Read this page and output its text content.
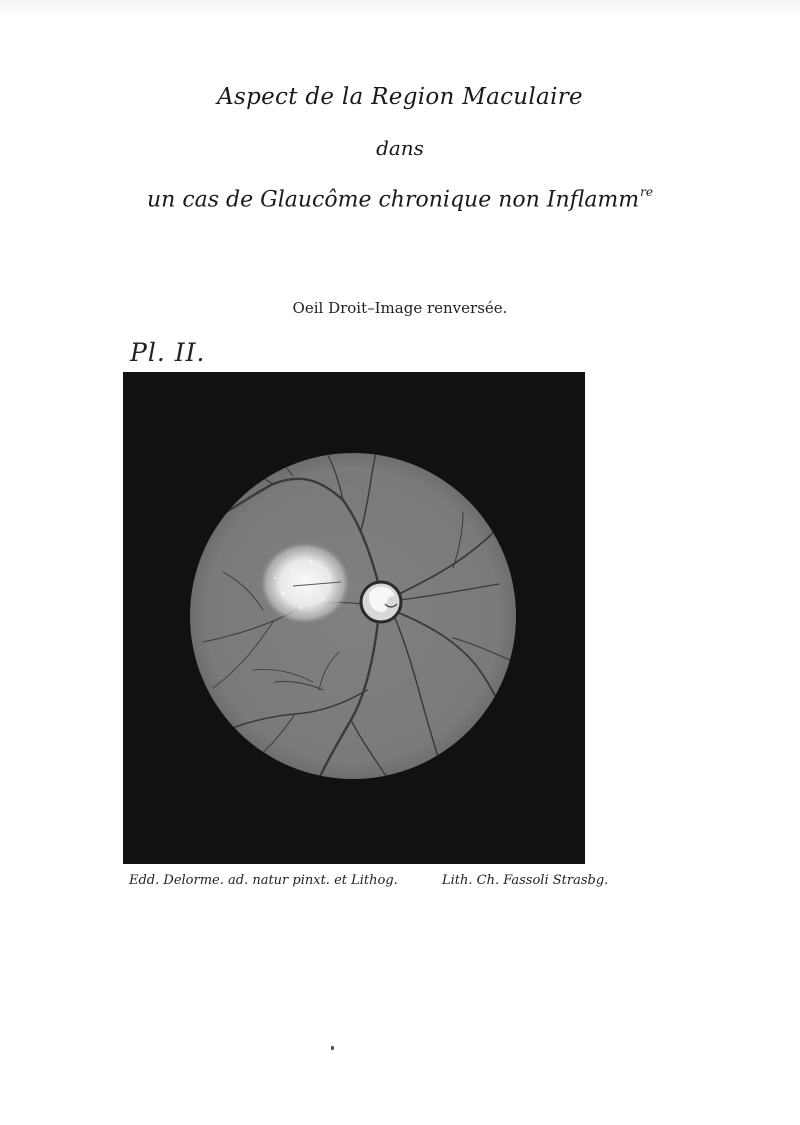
Aspect de la Region Maculaire
dans
un cas de Glaucôme chronique non Inflamm$^{re}$
Oeil Droit–Image renversée.
Pl. II.
Edd. Delorme. ad. natur pinxt. et Lithog.	Lith. Ch. Fassoli Strasbg.
